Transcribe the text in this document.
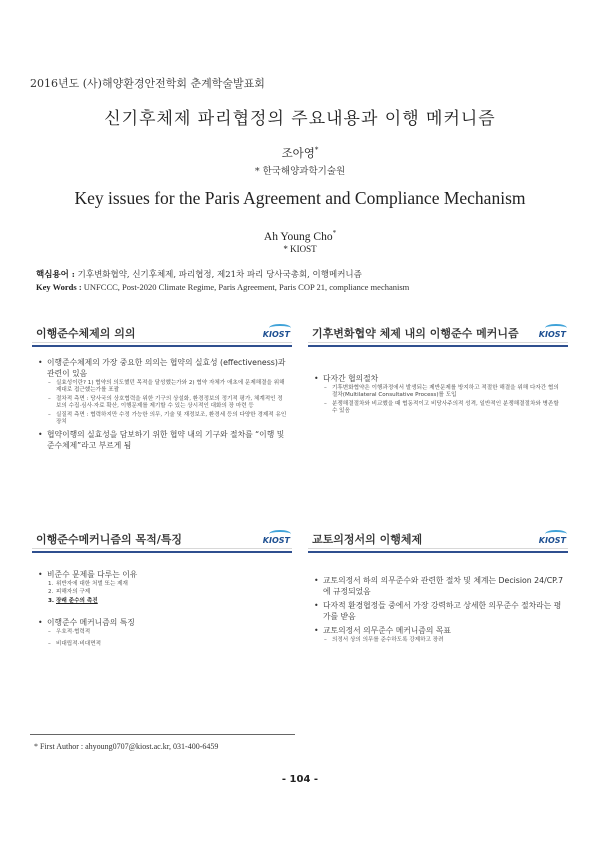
2016년도 (사)해양환경안전학회 춘계학술발표회
신기후체제 파리협정의 주요내용과 이행 메커니즘
조아영*
* 한국해양과학기술원
Key issues for the Paris Agreement and Compliance Mechanism
Ah Young Cho*
* KIOST
핵심용어 : 기후변화협약, 신기후체제, 파리협정, 제21차 파리 당사국총회, 이행메커니즘
Key Words : UNFCCC, Post-2020 Climate Regime, Paris Agreement, Paris COP 21, compliance mechanism
이행준수체제의 의의	KIOST
• 이행준수체제의 가장 중요한 의의는 협약의 실효성 (effectiveness)과 관련이 있음
– 실효성이란? 1) 협약의 의도했던 목적을 달성했는가와 2) 협약 자체가 애초에 문제해결을 위해 제대로 접근했는가를 포괄
– 절차적 측면 : 당사국의 상호협력을 위한 기구의 상설화, 환경정보의 정기적 평가, 체계적인 정보의 수집·심사·자료 확산, 이행문제를 제기할 수 있는 상시적인 대화의 장 마련 등
– 실질적 측면 : 협력하지만 수정 가능한 의무, 기술 및 재정보조, 환경세 등의 다양한 경제적 유인 장치
• 협약이행의 실효성을 담보하기 위한 협약 내의 기구와 절차를 “이행 및 준수체제”라고 부르게 됨
기후변화협약 체제 내의 이행준수 메커니즘	KIOST
• 다자간 협의절차
– 기후변화협약은 이행과정에서 발생되는 제반문제를 방지하고 적절한 해결을 위해 다자간 협의절차(Multilateral Consultative Process)를 도입
– 분쟁해결절차와 비교했을 때 협동적이고 비당사주의적 성격, 일반적인 분쟁해결절차와 병존할 수 있음
이행준수메커니즘의 목적/특징	KIOST
• 비준수 문제를 다루는 이유
1. 위반자에 대한 처벌 또는 제재
2. 피해자의 구제
3. 장래 준수의 촉진
• 이행준수 메커니즘의 특징
– 우호적·협력적
– 비대립적·비대면적
교토의정서의 이행체제	KIOST
• 교토의정서 하의 의무준수와 관련한 절차 및 체계는 Decision 24/CP.7에 규정되었음
• 다자적 환경협정들 중에서 가장 강력하고 상세한 의무준수 절차라는 평가를 받음
• 교토의정서 의무준수 메커니즘의 목표
– 의정서 상의 의무를 준수하도록 강제하고 장려
* First Author : ahyoung0707@kiost.ac.kr, 031-400-6459
- 104 -
